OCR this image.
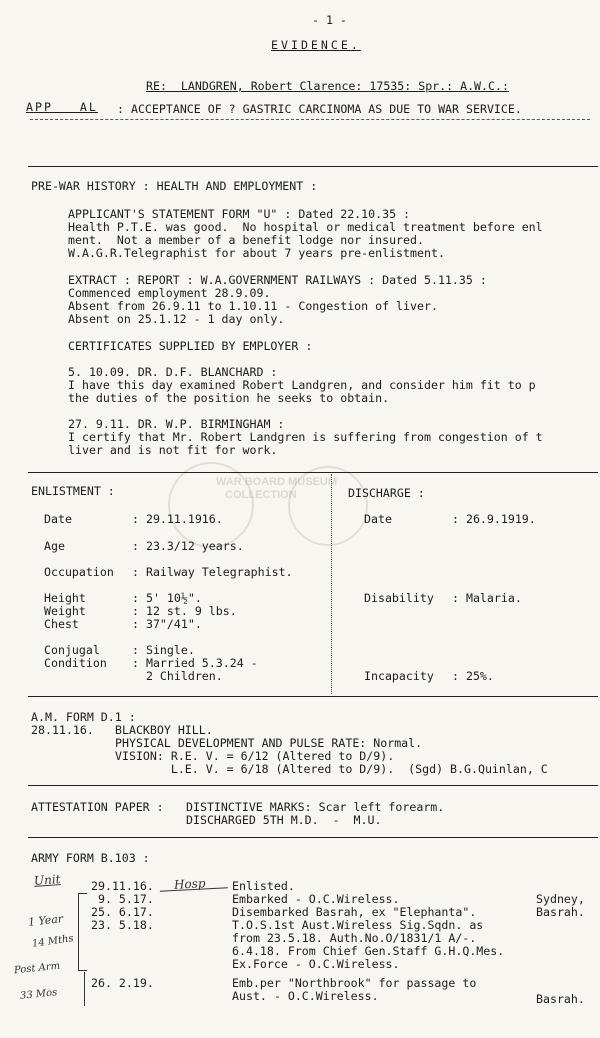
WAR BOARD MUSEUM
COLLECTION
- 1 -
EVIDENCE.
RE:  LANDGREN, Robert Clarence: 17535: Spr.: A.W.C.:
APP   AL : ACCEPTANCE OF ? GASTRIC CARCINOMA AS DUE TO WAR SERVICE.
PRE-WAR HISTORY : HEALTH AND EMPLOYMENT :
APPLICANT'S STATEMENT FORM "U" : Dated 22.10.35 :
Health P.T.E. was good.  No hospital or medical treatment before enl
ment.  Not a member of a benefit lodge nor insured.
W.A.G.R.Telegraphist for about 7 years pre-enlistment.
EXTRACT : REPORT : W.A.GOVERNMENT RAILWAYS : Dated 5.11.35 :
Commenced employment 28.9.09.
Absent from 26.9.11 to 1.10.11 - Congestion of liver.
Absent on 25.1.12 - 1 day only.
CERTIFICATES SUPPLIED BY EMPLOYER :
5. 10.09. DR. D.F. BLANCHARD :
I have this day examined Robert Landgren, and consider him fit to p
the duties of the position he seeks to obtain.
27. 9.11. DR. W.P. BIRMINGHAM :
I certify that Mr. Robert Landgren is suffering from congestion of t
liver and is not fit for work.
ENLISTMENT :
Date	: 29.11.1916.
Age	: 23.3/12 years.
Occupation : Railway Telegraphist.
Height	: 5' 10½".
Weight	: 12 st. 9 lbs.
Chest	: 37"/41".
Conjugal	: Single.
Condition : Married 5.3.24 -
2 Children.
DISCHARGE :
Date	: 26.9.1919.
Disability : Malaria.
Incapacity : 25%.
A.M. FORM D.1 :
28.11.16. BLACKBOY HILL.
PHYSICAL DEVELOPMENT AND PULSE RATE: Normal.
VISION: R.E. V. = 6/12 (Altered to D/9).
L.E. V. = 6/18 (Altered to D/9).  (Sgd) B.G.Quinlan, C
ATTESTATION PAPER : DISTINCTIVE MARKS: Scar left forearm.
DISCHARGED 5TH M.D.  -  M.U.
ARMY FORM B.103 :
29.11.16.	Enlisted.
9. 5.17.	Embarked - O.C.Wireless.	Sydney,
25. 6.17.	Disembarked Basrah, ex "Elephanta".	Basrah.
23. 5.18.	T.O.S.1st Aust.Wireless Sig.Sqdn. as
from 23.5.18. Auth.No.O/1831/1 A/-.
6.4.18. From Chief Gen.Staff G.H.Q.Mes.
Ex.Force - O.C.Wireless.
26. 2.19.	Emb.per "Northbrook" for passage to
Aust. - O.C.Wireless.	Basrah.
Unit	Hosp
1 Year
14 Mths
Post Arm
33 Mos
